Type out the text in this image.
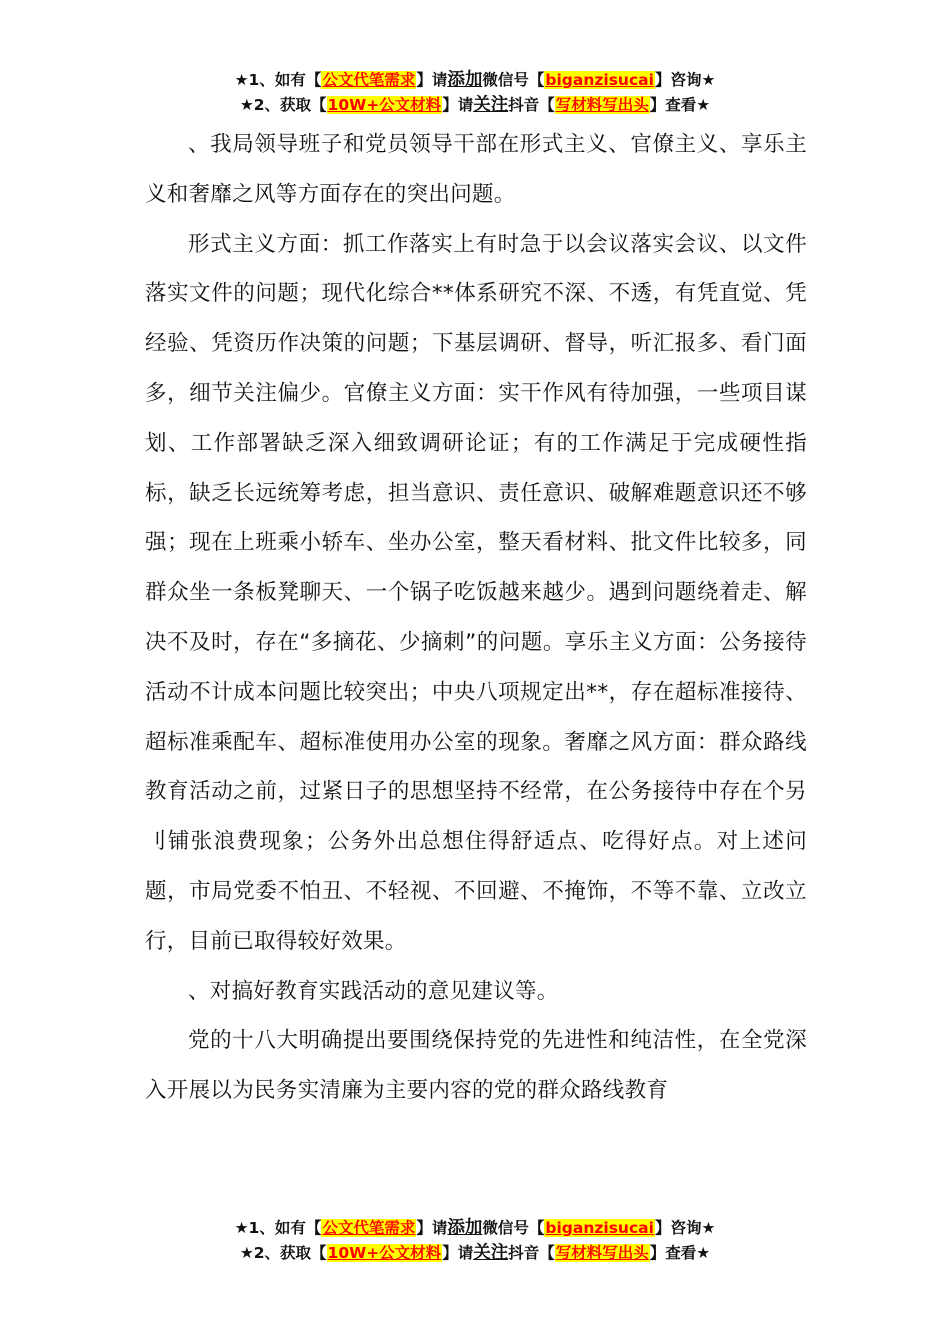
★1、如有【公文代笔需求】请添加微信号【biganzisucai】咨询★
★2、获取【10W+公文材料】请关注抖音【写材料写出头】查看★

、我局领导班子和党员领导干部在形式主义、官僚主义、享乐主义和奢靡之风等方面存在的突出问题。

形式主义方面：抓工作落实上有时急于以会议落实会议、以文件落实文件的问题；现代化综合**体系研究不深、不透，有凭直觉、凭经验、凭资历作决策的问题；下基层调研、督导，听汇报多、看门面多，细节关注偏少。官僚主义方面：实干作风有待加强，一些项目谋划、工作部署缺乏深入细致调研论证；有的工作满足于完成硬性指标，缺乏长远统筹考虑，担当意识、责任意识、破解难题意识还不够强；现在上班乘小轿车、坐办公室，整天看材料、批文件比较多，同群众坐一条板凳聊天、一个锅子吃饭越来越少。遇到问题绕着走、解决不及时，存在“多摘花、少摘刺”的问题。享乐主义方面：公务接待活动不计成本问题比较突出；中央八项规定出**，存在超标准接待、超标准乘配车、超标准使用办公室的现象。奢靡之风方面：群众路线教育活动之前，过紧日子的思想坚持不经常，在公务接待中存在个另刂铺张浪费现象；公务外出总想住得舒适点、吃得好点。对上述问题，市局党委不怕丑、不轻视、不回避、不掩饰，不等不靠、立改立行，目前已取得较好效果。

、对搞好教育实践活动的意见建议等。

党的十八大明确提出要围绕保持党的先进性和纯洁性，在全党深入开展以为民务实清廉为主要内容的党的群众路线教育

★1、如有【公文代笔需求】请添加微信号【biganzisucai】咨询★
★2、获取【10W+公文材料】请关注抖音【写材料写出头】查看★
